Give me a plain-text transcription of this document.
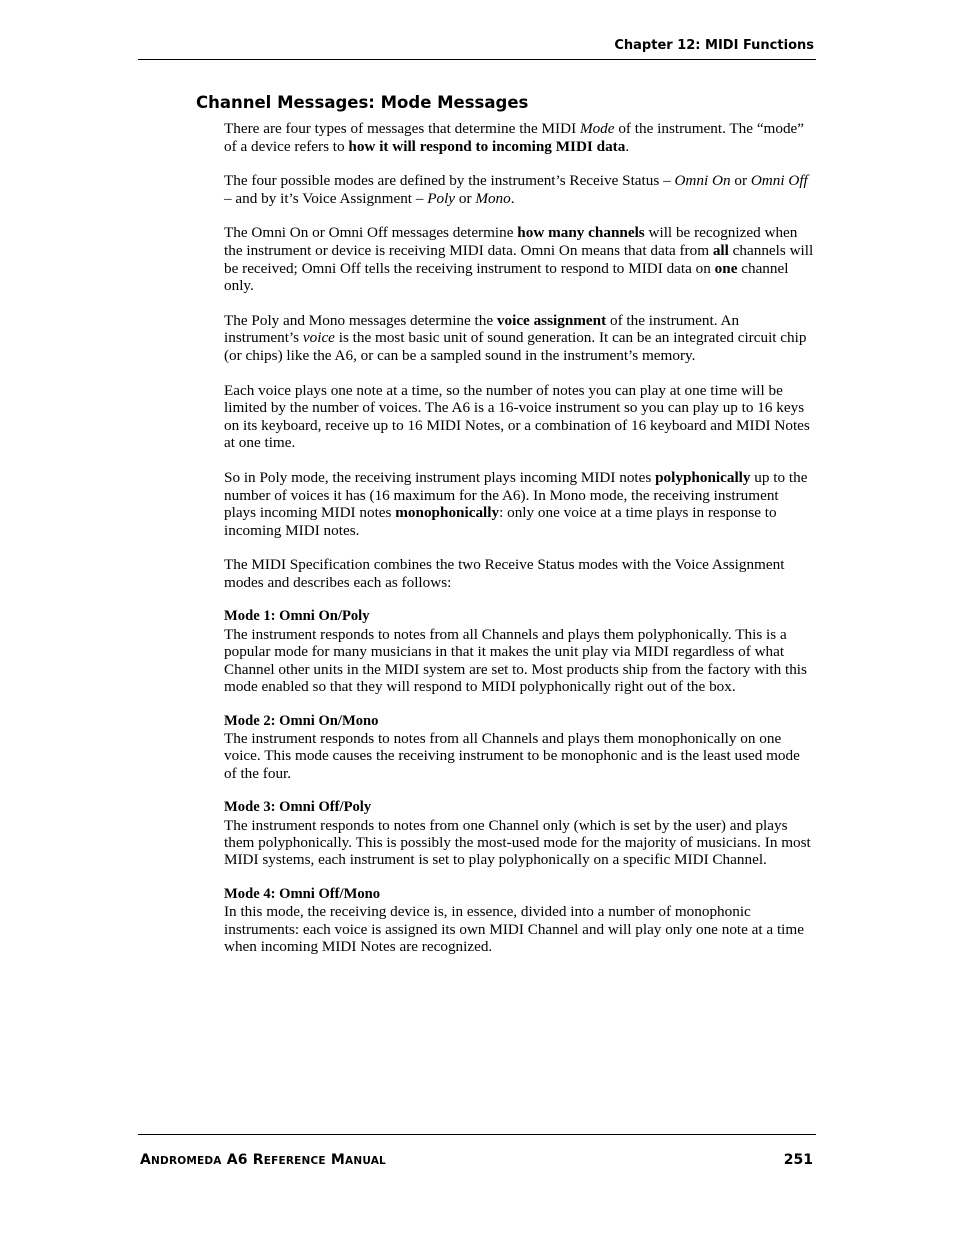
Chapter 12: MIDI Functions
Channel Messages: Mode Messages

There are four types of messages that determine the MIDI Mode of the instrument. The “mode” of a device refers to how it will respond to incoming MIDI data.

The four possible modes are defined by the instrument’s Receive Status – Omni On or Omni Off – and by it’s Voice Assignment – Poly or Mono.

The Omni On or Omni Off messages determine how many channels will be recognized when the instrument or device is receiving MIDI data. Omni On means that data from all channels will be received; Omni Off tells the receiving instrument to respond to MIDI data on one channel only.

The Poly and Mono messages determine the voice assignment of the instrument. An instrument’s voice is the most basic unit of sound generation. It can be an integrated circuit chip (or chips) like the A6, or can be a sampled sound in the instrument’s memory.

Each voice plays one note at a time, so the number of notes you can play at one time will be limited by the number of voices. The A6 is a 16-voice instrument so you can play up to 16 keys on its keyboard, receive up to 16 MIDI Notes, or a combination of 16 keyboard and MIDI Notes at one time.

So in Poly mode, the receiving instrument plays incoming MIDI notes polyphonically up to the number of voices it has (16 maximum for the A6). In Mono mode, the receiving instrument plays incoming MIDI notes monophonically: only one voice at a time plays in response to incoming MIDI notes.

The MIDI Specification combines the two Receive Status modes with the Voice Assignment modes and describes each as follows:

Mode 1: Omni On/Poly
The instrument responds to notes from all Channels and plays them polyphonically. This is a popular mode for many musicians in that it makes the unit play via MIDI regardless of what Channel other units in the MIDI system are set to. Most products ship from the factory with this mode enabled so that they will respond to MIDI polyphonically right out of the box.
Mode 2: Omni On/Mono
The instrument responds to notes from all Channels and plays them monophonically on one voice. This mode causes the receiving instrument to be monophonic and is the least used mode of the four.
Mode 3: Omni Off/Poly
The instrument responds to notes from one Channel only (which is set by the user) and plays them polyphonically. This is possibly the most-used mode for the majority of musicians. In most MIDI systems, each instrument is set to play polyphonically on a specific MIDI Channel.
Mode 4: Omni Off/Mono
In this mode, the receiving device is, in essence, divided into a number of monophonic instruments: each voice is assigned its own MIDI Channel and will play only one note at a time when incoming MIDI Notes are recognized.
ANDROMEDA A6 REFERENCE MANUAL	251
